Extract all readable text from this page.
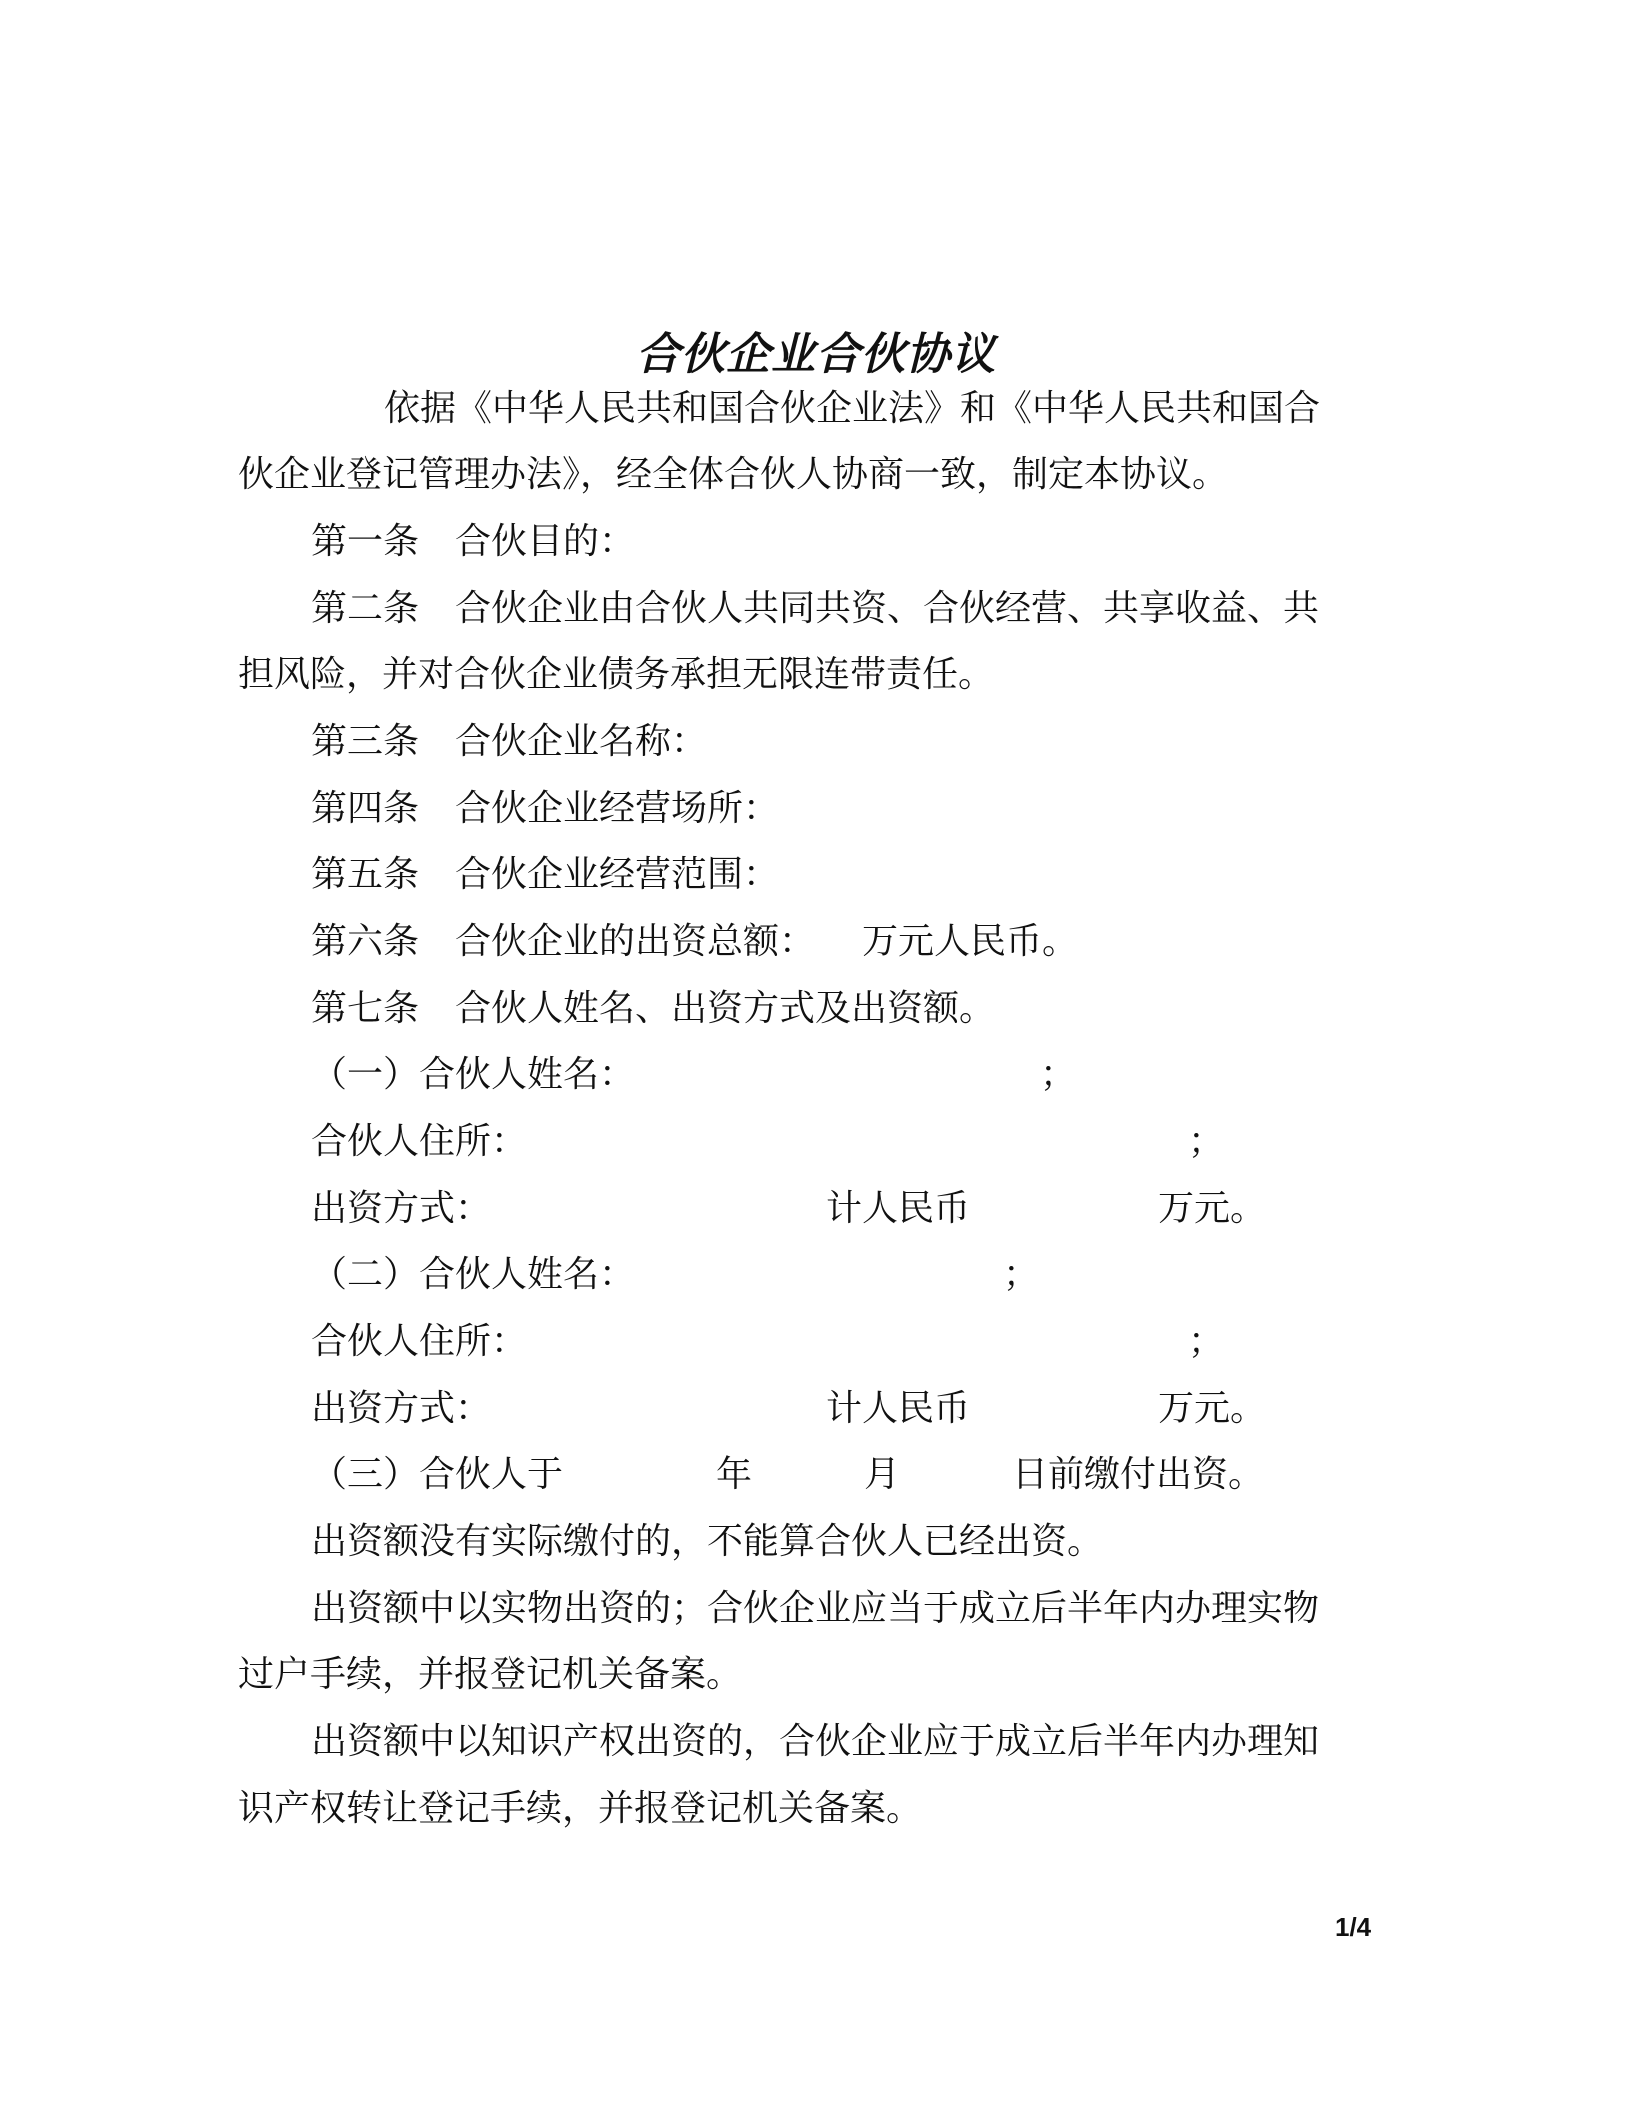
合伙企业合伙协议

依据《中华人民共和国合伙企业法》和《中华人民共和国合

伙企业登记管理办法》，经全体合伙人协商一致，制定本协议。

第一条　合伙目的：

第二条　合伙企业由合伙人共同共资、合伙经营、共享收益、共

担风险，并对合伙企业债务承担无限连带责任。

第三条　合伙企业名称：

第四条　合伙企业经营场所：

第五条　合伙企业经营范围：

第六条　合伙企业的出资总额： 万元人民币。

第七条　合伙人姓名、出资方式及出资额。

（一）合伙人姓名：	；
合伙人住所：	；
出资方式：	计人民币	万元。
（二）合伙人姓名：	；
合伙人住所：	；
出资方式：	计人民币	万元。
（三）合伙人于	年	月	日前缴付出资。

出资额没有实际缴付的，不能算合伙人已经出资。

出资额中以实物出资的；合伙企业应当于成立后半年内办理实物

过户手续，并报登记机关备案。

出资额中以知识产权出资的，合伙企业应于成立后半年内办理知

识产权转让登记手续，并报登记机关备案。

1/4
